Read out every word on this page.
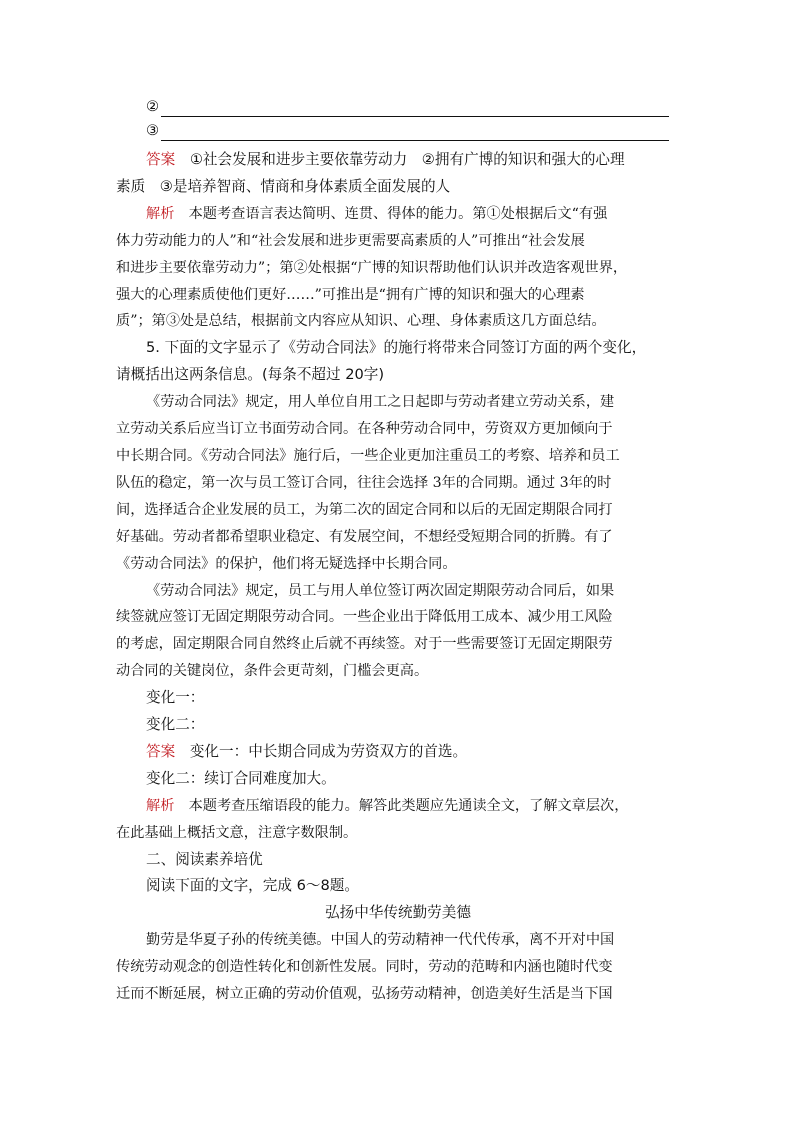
②
③
答案　 ①社会发展和进步主要依靠劳动力　②拥有广博的知识和强大的心理
素质　③是培养智商、情商和身体素质全面发展的人
解析　 本题考查语言表达简明、连贯、得体的能力。第①处根据后文“有强
体力劳动能力的人”和“社会发展和进步更需要高素质的人”可推出“社会发展
和进步主要依靠劳动力”；第②处根据“广博的知识帮助他们认识并改造客观世界，
强大的心理素质使他们更好……”可推出是“拥有广博的知识和强大的心理素
质”；第③处是总结，根据前文内容应从知识、心理、身体素质这几方面总结。
5. 下面的文字显示了《劳动合同法》的施行将带来合同签订方面的两个变化，
请概括出这两条信息。(每条不超过 20字)
《劳动合同法》规定，用人单位自用工之日起即与劳动者建立劳动关系，建
立劳动关系后应当订立书面劳动合同。在各种劳动合同中，劳资双方更加倾向于
中长期合同。《劳动合同法》施行后，一些企业更加注重员工的考察、培养和员工
队伍的稳定，第一次与员工签订合同，往往会选择 3年的合同期。通过 3年的时
间，选择适合企业发展的员工，为第二次的固定合同和以后的无固定期限合同打
好基础。劳动者都希望职业稳定、有发展空间，不想经受短期合同的折腾。有了
《劳动合同法》的保护，他们将无疑选择中长期合同。
《劳动合同法》规定，员工与用人单位签订两次固定期限劳动合同后，如果
续签就应签订无固定期限劳动合同。一些企业出于降低用工成本、减少用工风险
的考虑，固定期限合同自然终止后就不再续签。对于一些需要签订无固定期限劳
动合同的关键岗位，条件会更苛刻，门槛会更高。
变化一：
变化二：
答案　 变化一：中长期合同成为劳资双方的首选。
变化二：续订合同难度加大。
解析　 本题考查压缩语段的能力。解答此类题应先通读全文，了解文章层次，
在此基础上概括文意，注意字数限制。
二、阅读素养培优
阅读下面的文字，完成 6～8题。
弘扬中华传统勤劳美德
勤劳是华夏子孙的传统美德。中国人的劳动精神一代代传承，离不开对中国
传统劳动观念的创造性转化和创新性发展。同时，劳动的范畴和内涵也随时代变
迁而不断延展，树立正确的劳动价值观，弘扬劳动精神，创造美好生活是当下国
